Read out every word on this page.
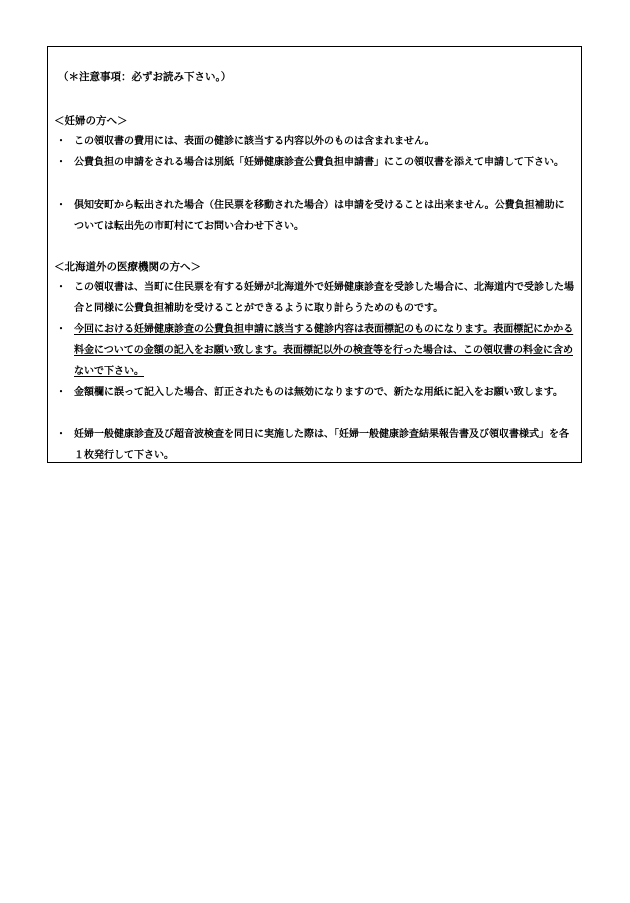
（＊注意事項：必ずお読み下さい。）
＜妊婦の方へ＞
・ この領収書の費用には、表面の健診に該当する内容以外のものは含まれません。
・ 公費負担の申請をされる場合は別紙「妊婦健康診査公費負担申請書」にこの領収書を添えて申請して下さい。
・ 倶知安町から転出された場合（住民票を移動された場合）は申請を受けることは出来ません。公費負担補助については転出先の市町村にてお問い合わせ下さい。
＜北海道外の医療機関の方へ＞
・ この領収書は、当町に住民票を有する妊婦が北海道外で妊婦健康診査を受診した場合に、北海道内で受診した場合と同様に公費負担補助を受けることができるように取り計らうためのものです。
・ 今回における妊婦健康診査の公費負担申請に該当する健診内容は表面標記のものになります。表面標記にかかる料金についての金額の記入をお願い致します。表面標記以外の検査等を行った場合は、この領収書の料金に含めないで下さい。
・ 金額欄に誤って記入した場合、訂正されたものは無効になりますので、新たな用紙に記入をお願い致します。
・ 妊婦一般健康診査及び超音波検査を同日に実施した際は、「妊婦一般健康診査結果報告書及び領収書様式」を各１枚発行して下さい。
